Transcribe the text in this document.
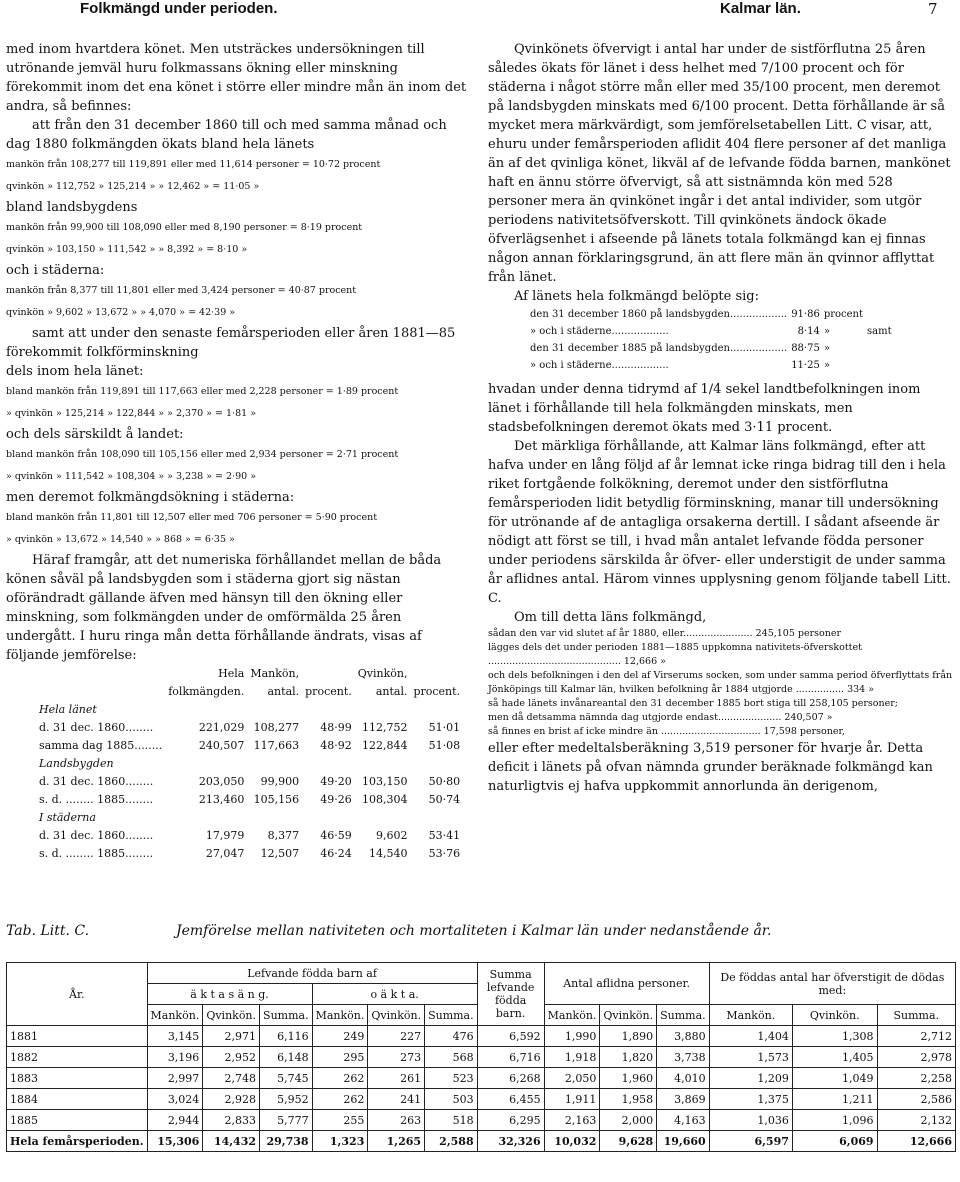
Folkmängd under perioden.	Kalmar län.	7

med inom hvartdera könet. Men utsträckes undersökningen till utrönande jemväl huru folkmassans ökning eller minskning förekommit inom det ena könet i större eller mindre mån än inom det andra, så befinnes:

att från den 31 december 1860 till och med samma månad och dag 1880 folkmängden ökats bland hela länets

mankön från 108,277 till 119,891 eller med 11,614 personer = 10·72 procent

qvinkön » 112,752 » 125,214 » » 12,462 » = 11·05 »

bland landsbygdens

mankön från 99,900 till 108,090 eller med 8,190 personer = 8·19 procent

qvinkön » 103,150 » 111,542 » » 8,392 » = 8·10 »

och i städerna:

mankön från 8,377 till 11,801 eller med 3,424 personer = 40·87 procent

qvinkön » 9,602 » 13,672 » » 4,070 » = 42·39 »

samt att under den senaste femårsperioden eller åren 1881—85 förekommit folkförminskning

dels inom hela länet:

bland mankön från 119,891 till 117,663 eller med 2,228 personer = 1·89 procent

» qvinkön » 125,214 » 122,844 » » 2,370 » = 1·81 »

och dels särskildt å landet:

bland mankön från 108,090 till 105,156 eller med 2,934 personer = 2·71 procent

» qvinkön » 111,542 » 108,304 » » 3,238 » = 2·90 »

men deremot folkmängdsökning i städerna:

bland mankön från 11,801 till 12,507 eller med 706 personer = 5·90 procent

» qvinkön » 13,672 » 14,540 » » 868 » = 6·35 »

Häraf framgår, att det numeriska förhållandet mellan de båda könen såväl på landsbygden som i städerna gjort sig nästan oförändradt gällande äfven med hänsyn till den ökning eller minskning, som folkmängden under de omförmälda 25 åren undergått. I huru ringa mån detta förhållande ändrats, visas af följande jemförelse:

	Hela	Mankön,		Qvinkön,	
	folkmängden.	antal.	procent.	antal.	procent.
Hela länet					
d. 31 dec. 1860........	221,029	108,277	48·99	112,752	51·01
samma dag 1885........	240,507	117,663	48·92	122,844	51·08
Landsbygden					
d. 31 dec. 1860........	203,050	99,900	49·20	103,150	50·80
s. d. ........ 1885........	213,460	105,156	49·26	108,304	50·74
I städerna					
d. 31 dec. 1860........	17,979	8,377	46·59	9,602	53·41
s. d. ........ 1885........	27,047	12,507	46·24	14,540	53·76

Qvinkönets öfvervigt i antal har under de sistförflutna 25 åren således ökats för länet i dess helhet med 7/100 procent och för städerna i något större mån eller med 35/100 procent, men deremot på landsbygden minskats med 6/100 procent. Detta förhållande är så mycket mera märkvärdigt, som jemförelsetabellen Litt. C visar, att, ehuru under femårsperioden aflidit 404 flere personer af det manliga än af det qvinliga könet, likväl af de lefvande födda barnen, mankönet haft en ännu större öfvervigt, så att sistnämnda kön med 528 personer mera än qvinkönet ingår i det antal individer, som utgör periodens nativitetsöfverskott. Till qvinkönets ändock ökade öfverlägsenhet i afseende på länets totala folkmängd kan ej finnas någon annan förklaringsgrund, än att flere män än qvinnor afflyttat från länet.

Af länets hela folkmängd belöpte sig:

den 31 december 1860 på landsbygden..................	91·86	procent	
» och i städerne..................	8·14	»	samt
den 31 december 1885 på landsbygden..................	88·75	»	
» och i städerne..................	11·25	»	

hvadan under denna tidrymd af 1/4 sekel landtbefolkningen inom länet i förhållande till hela folkmängden minskats, men stadsbefolkningen deremot ökats med 3·11 procent.

Det märkliga förhållande, att Kalmar läns folkmängd, efter att hafva under en lång följd af år lemnat icke ringa bidrag till den i hela riket fortgående folkökning, deremot under den sistförflutna femårsperioden lidit betydlig förminskning, manar till undersökning för utrönande af de antagliga orsakerna dertill. I sådant afseende är nödigt att först se till, i hvad mån antalet lefvande födda personer under periodens särskilda år öfver- eller understigit de under samma år aflidnes antal. Härom vinnes upplysning genom följande tabell Litt. C.

Om till detta läns folkmängd,

sådan den var vid slutet af år 1880, eller....................... 245,105 personer

lägges dels det under perioden 1881—1885 uppkomna nativitets-öfverskottet ............................................ 12,666 »

och dels befolkningen i den del af Virserums socken, som under samma period öfverflyttats från Jönköpings till Kalmar län, hvilken befolkning år 1884 utgjorde ................ 334 »

så hade länets invånareantal den 31 december 1885 bort stiga till 258,105 personer;

men då detsamma nämnda dag utgjorde endast..................... 240,507 »

så finnes en brist af icke mindre än ................................. 17,598 personer,

eller efter medeltalsberäkning 3,519 personer för hvarje år. Detta deficit i länets på ofvan nämnda grunder beräknade folkmängd kan naturligtvis ej hafva uppkommit annorlunda än derigenom,

Tab. Litt. C.	Jemförelse mellan nativiteten och mortaliteten i Kalmar län under nedanstående år.
År.	Lefvande födda barn af						Summa lefvande födda barn.	Antal aflidna personer.			De föddas antal har öfverstigit de dödas med:		
	ä k t a s ä n g.			o ä k t a.									
	Mankön.	Qvinkön.	Summa.	Mankön.	Qvinkön.	Summa.		Mankön.	Qvinkön.	Summa.	Mankön.	Qvinkön.	Summa.
1881	3,145	2,971	6,116	249	227	476	6,592	1,990	1,890	3,880	1,404	1,308	2,712
1882	3,196	2,952	6,148	295	273	568	6,716	1,918	1,820	3,738	1,573	1,405	2,978
1883	2,997	2,748	5,745	262	261	523	6,268	2,050	1,960	4,010	1,209	1,049	2,258
1884	3,024	2,928	5,952	262	241	503	6,455	1,911	1,958	3,869	1,375	1,211	2,586
1885	2,944	2,833	5,777	255	263	518	6,295	2,163	2,000	4,163	1,036	1,096	2,132
Hela femårsperioden.	15,306	14,432	29,738	1,323	1,265	2,588	32,326	10,032	9,628	19,660	6,597	6,069	12,666
